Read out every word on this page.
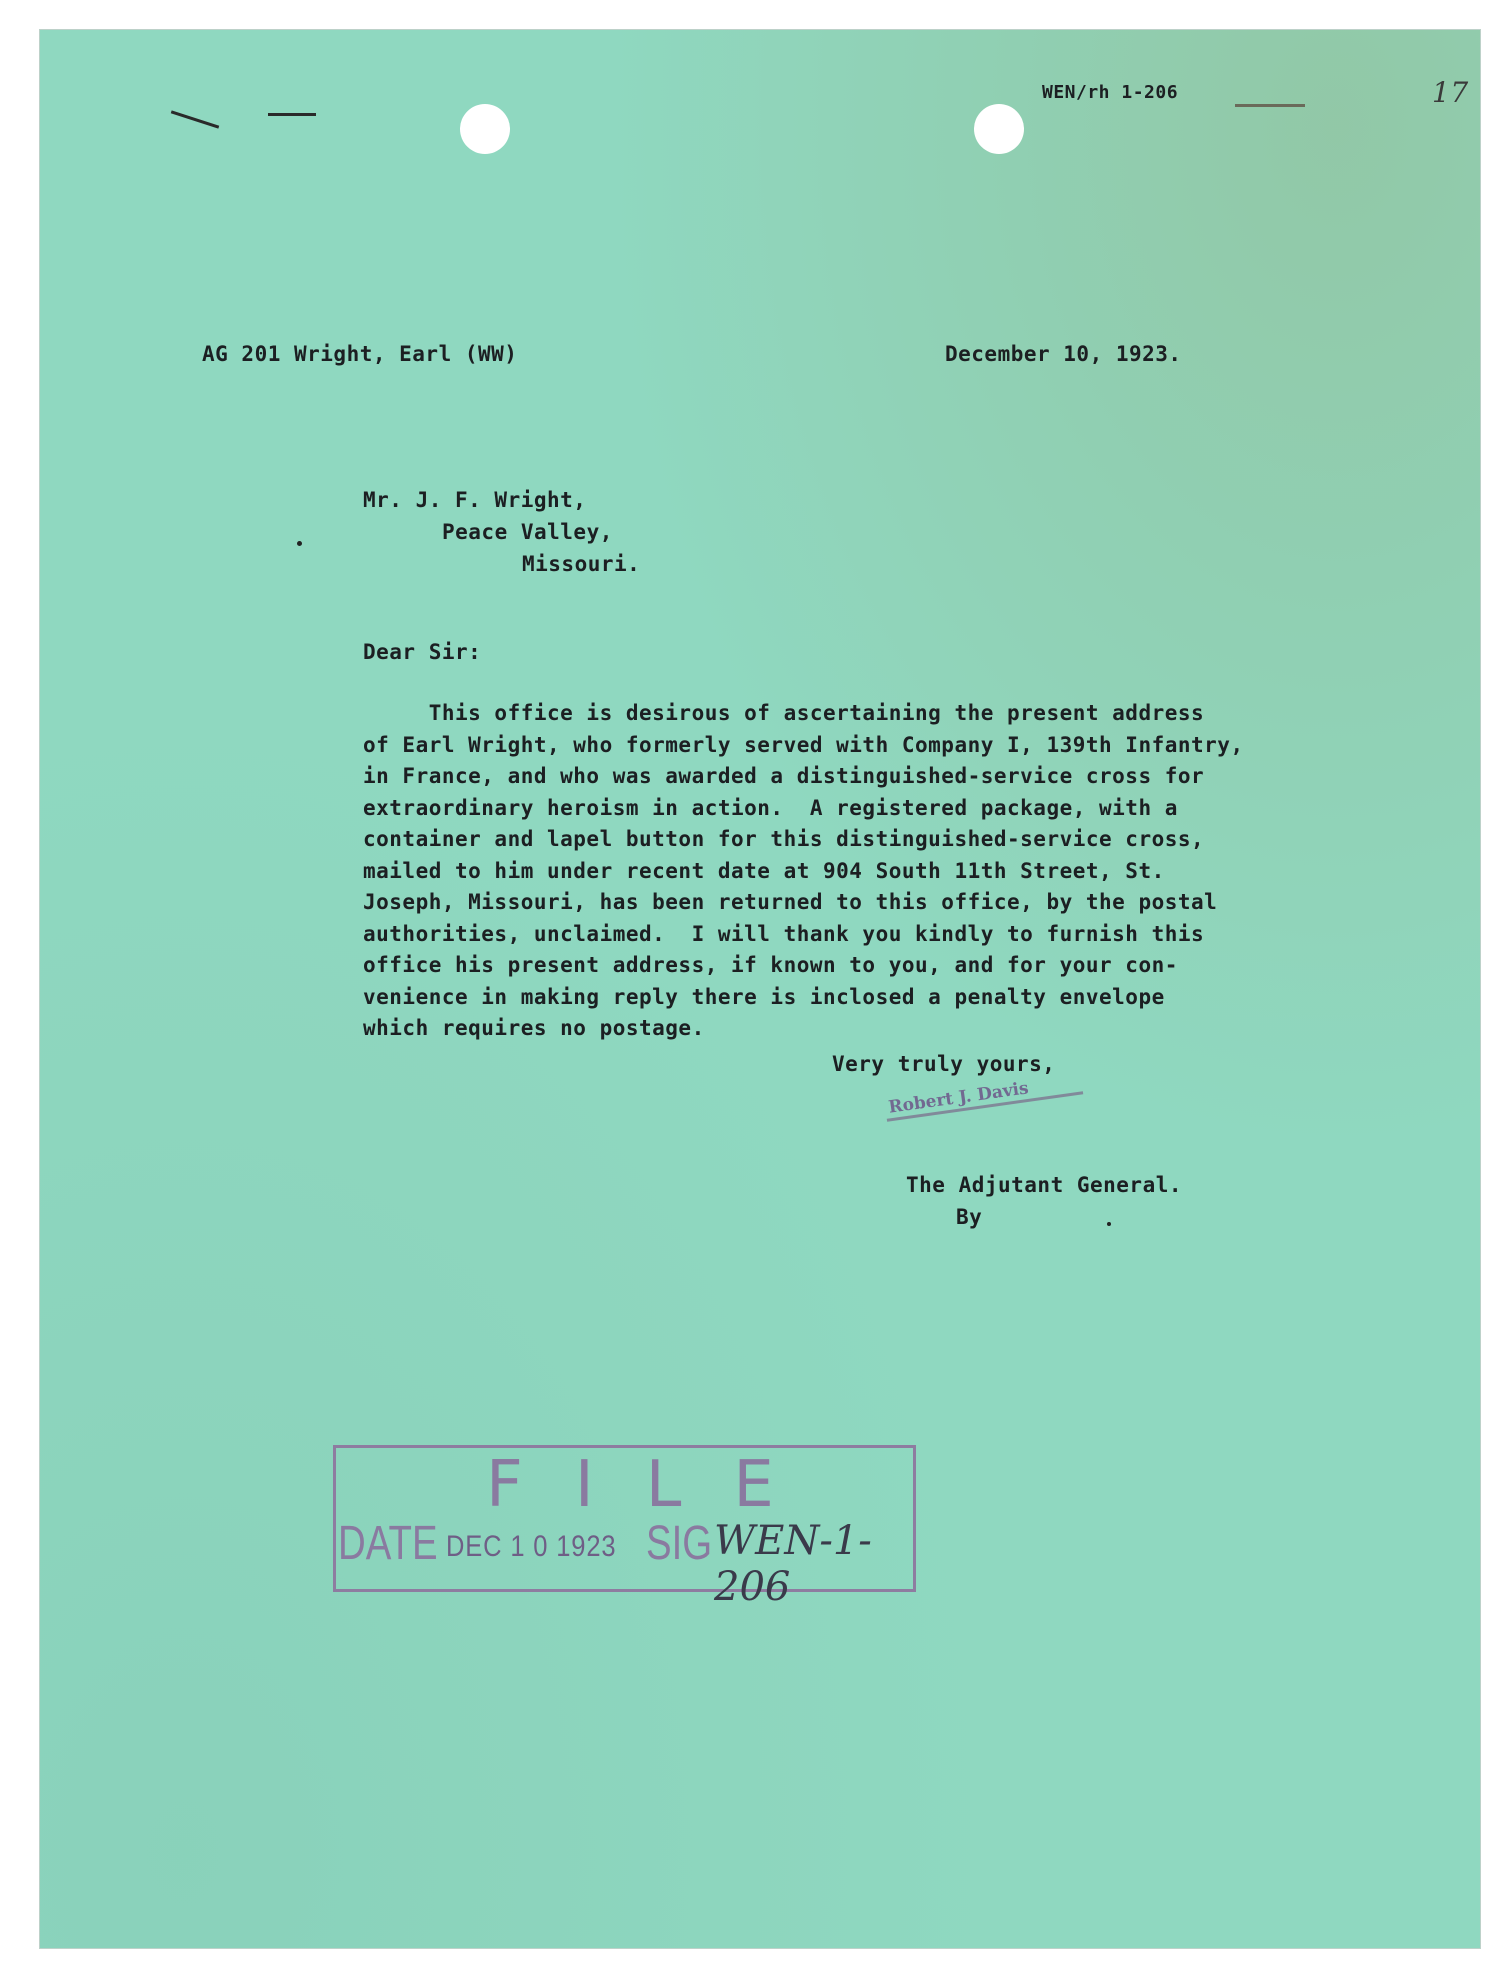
WEN/rh 1-206	17
AG 201 Wright, Earl (WW)	December 10, 1923.
Mr. J. F. Wright,
Peace Valley,
Missouri.
Dear Sir:
This office is desirous of ascertaining the present address
of Earl Wright, who formerly served with Company I, 139th Infantry,
in France, and who was awarded a distinguished-service cross for
extraordinary heroism in action.  A registered package, with a
container and lapel button for this distinguished-service cross,
mailed to him under recent date at 904 South 11th Street, St.
Joseph, Missouri, has been returned to this office, by the postal
authorities, unclaimed.  I will thank you kindly to furnish this
office his present address, if known to you, and for your con-
venience in making reply there is inclosed a penalty envelope
which requires no postage.
Very truly yours,
Robert J. Davis
The Adjutant General.
By
FILE
DATE DEC 1 0 1923 SIG WEN-1-206
